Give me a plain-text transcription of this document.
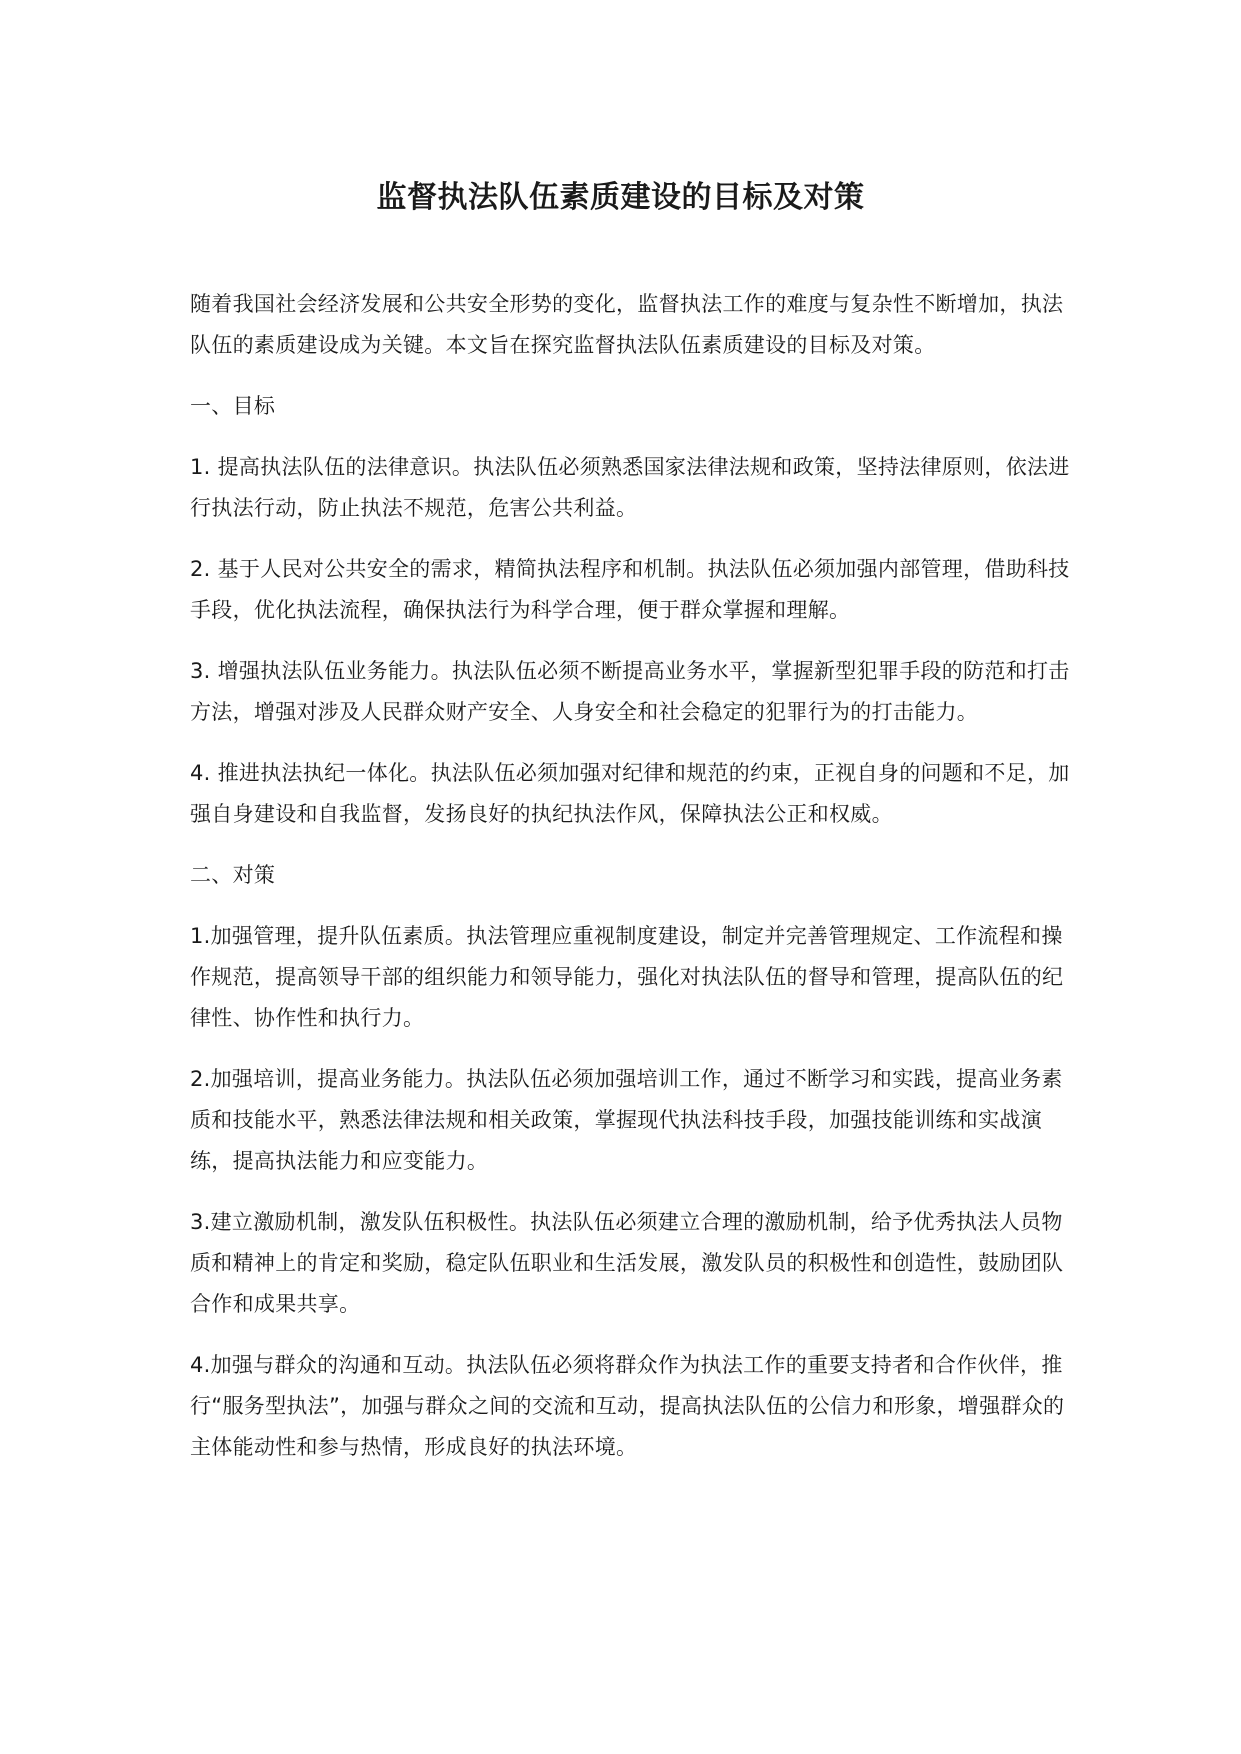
监督执法队伍素质建设的目标及对策

随着我国社会经济发展和公共安全形势的变化，监督执法工作的难度与复杂性不断增加，执法队伍的素质建设成为关键。本文旨在探究监督执法队伍素质建设的目标及对策。

一、目标

1. 提高执法队伍的法律意识。执法队伍必须熟悉国家法律法规和政策，坚持法律原则，依法进行执法行动，防止执法不规范，危害公共利益。

2. 基于人民对公共安全的需求，精简执法程序和机制。执法队伍必须加强内部管理，借助科技手段，优化执法流程，确保执法行为科学合理，便于群众掌握和理解。

3. 增强执法队伍业务能力。执法队伍必须不断提高业务水平，掌握新型犯罪手段的防范和打击方法，增强对涉及人民群众财产安全、人身安全和社会稳定的犯罪行为的打击能力。

4. 推进执法执纪一体化。执法队伍必须加强对纪律和规范的约束，正视自身的问题和不足，加强自身建设和自我监督，发扬良好的执纪执法作风，保障执法公正和权威。

二、对策

1.加强管理，提升队伍素质。执法管理应重视制度建设，制定并完善管理规定、工作流程和操作规范，提高领导干部的组织能力和领导能力，强化对执法队伍的督导和管理，提高队伍的纪律性、协作性和执行力。

2.加强培训，提高业务能力。执法队伍必须加强培训工作，通过不断学习和实践，提高业务素质和技能水平，熟悉法律法规和相关政策，掌握现代执法科技手段，加强技能训练和实战演练，提高执法能力和应变能力。

3.建立激励机制，激发队伍积极性。执法队伍必须建立合理的激励机制，给予优秀执法人员物质和精神上的肯定和奖励，稳定队伍职业和生活发展，激发队员的积极性和创造性，鼓励团队合作和成果共享。

4.加强与群众的沟通和互动。执法队伍必须将群众作为执法工作的重要支持者和合作伙伴，推行“服务型执法”，加强与群众之间的交流和互动，提高执法队伍的公信力和形象，增强群众的主体能动性和参与热情，形成良好的执法环境。
